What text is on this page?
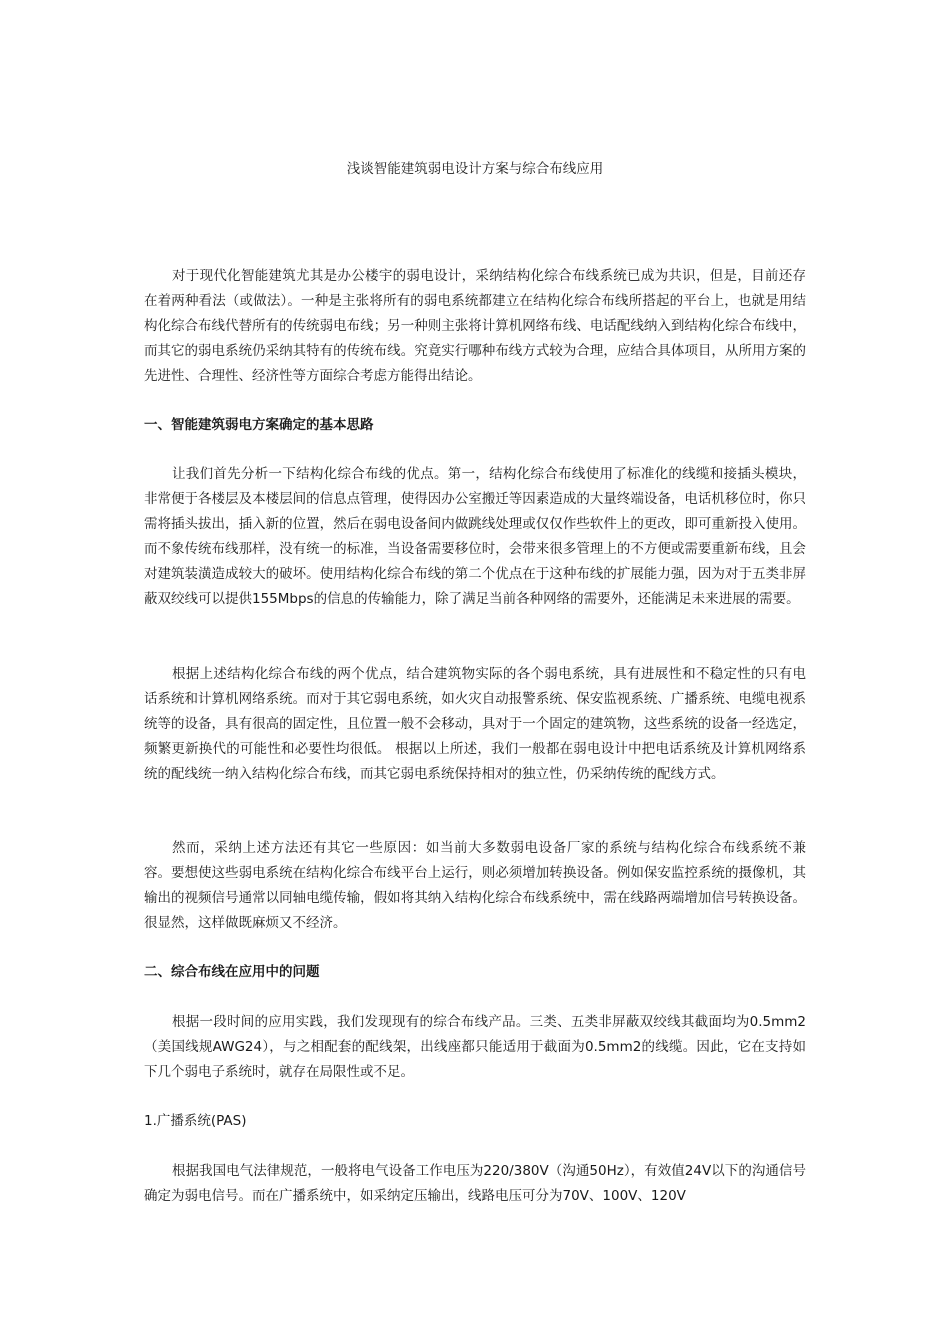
浅谈智能建筑弱电设计方案与综合布线应用

对于现代化智能建筑尤其是办公楼宇的弱电设计，采纳结构化综合布线系统已成为共识，但是，目前还存在着两种看法（或做法）。一种是主张将所有的弱电系统都建立在结构化综合布线所搭起的平台上，也就是用结构化综合布线代替所有的传统弱电布线；另一种则主张将计算机网络布线、电话配线纳入到结构化综合布线中，而其它的弱电系统仍采纳其特有的传统布线。究竟实行哪种布线方式较为合理，应结合具体项目，从所用方案的先进性、合理性、经济性等方面综合考虑方能得出结论。

一、智能建筑弱电方案确定的基本思路

让我们首先分析一下结构化综合布线的优点。第一，结构化综合布线使用了标准化的线缆和接插头模块，非常便于各楼层及本楼层间的信息点管理，使得因办公室搬迁等因素造成的大量终端设备，电话机移位时，你只需将插头拔出，插入新的位置，然后在弱电设备间内做跳线处理或仅仅作些软件上的更改，即可重新投入使用。而不象传统布线那样，没有统一的标准，当设备需要移位时，会带来很多管理上的不方便或需要重新布线，且会对建筑装潢造成较大的破坏。使用结构化综合布线的第二个优点在于这种布线的扩展能力强，因为对于五类非屏蔽双绞线可以提供155Mbps的信息的传输能力，除了满足当前各种网络的需要外，还能满足未来进展的需要。

根据上述结构化综合布线的两个优点，结合建筑物实际的各个弱电系统，具有进展性和不稳定性的只有电话系统和计算机网络系统。而对于其它弱电系统，如火灾自动报警系统、保安监视系统、广播系统、电缆电视系统等的设备，具有很高的固定性，且位置一般不会移动，具对于一个固定的建筑物，这些系统的设备一经选定，频繁更新换代的可能性和必要性均很低。 根据以上所述，我们一般都在弱电设计中把电话系统及计算机网络系统的配线统一纳入结构化综合布线，而其它弱电系统保持相对的独立性，仍采纳传统的配线方式。

然而，采纳上述方法还有其它一些原因：如当前大多数弱电设备厂家的系统与结构化综合布线系统不兼容。要想使这些弱电系统在结构化综合布线平台上运行，则必须增加转换设备。例如保安监控系统的摄像机，其输出的视频信号通常以同轴电缆传输，假如将其纳入结构化综合布线系统中，需在线路两端增加信号转换设备。很显然，这样做既麻烦又不经济。

二、综合布线在应用中的问题

根据一段时间的应用实践，我们发现现有的综合布线产品。三类、五类非屏蔽双绞线其截面均为0.5mm2（美国线规AWG24），与之相配套的配线架，出线座都只能适用于截面为0.5mm2的线缆。因此，它在支持如下几个弱电子系统时，就存在局限性或不足。

1.广播系统(PAS)

根据我国电气法律规范，一般将电气设备工作电压为220/380V（沟通50Hz），有效值24V以下的沟通信号确定为弱电信号。而在广播系统中，如采纳定压输出，线路电压可分为70V、100V、120V
